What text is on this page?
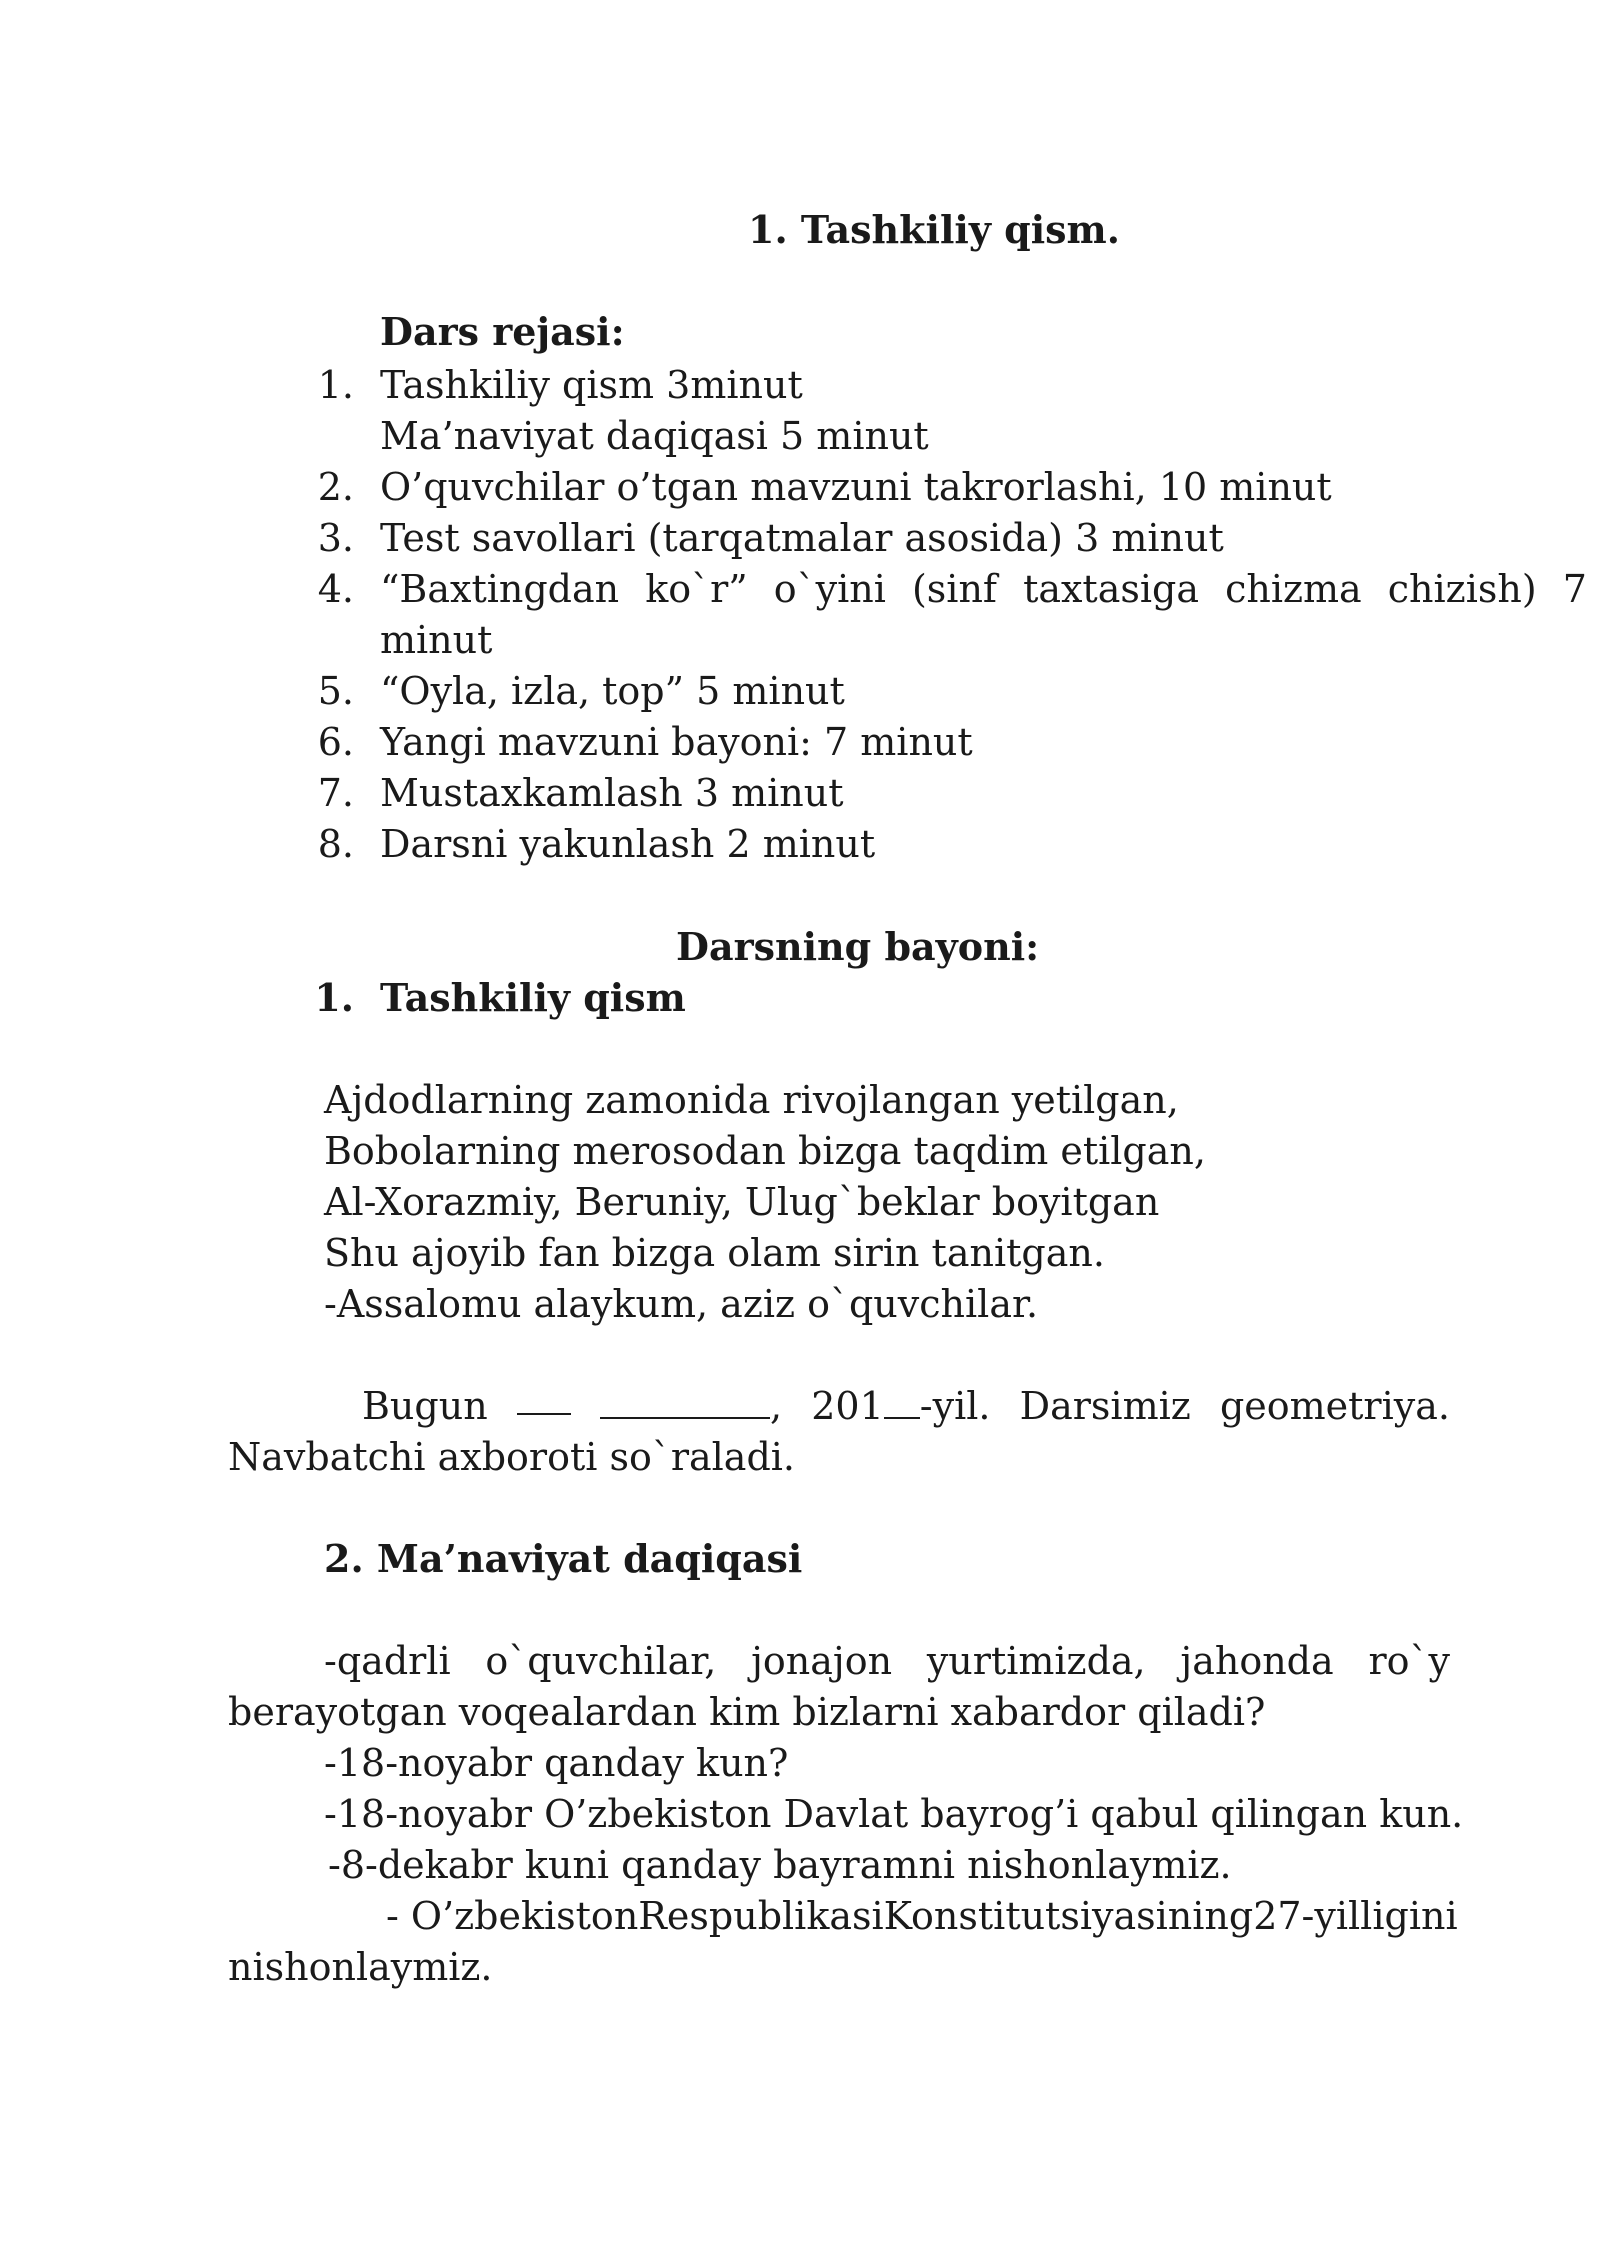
1. Tashkiliy qism.
Dars rejasi:
1. Tashkiliy qism 3minut
Ma’naviyat daqiqasi 5 minut
2. O’quvchilar o’tgan mavzuni takrorlashi, 10 minut
3. Test savollari (tarqatmalar asosida) 3 minut
4. “Baxtingdan ko`r” o`yini (sinf taxtasiga chizma chizish) 7
minut
5. “Oyla, izla, top” 5 minut
6. Yangi mavzuni bayoni: 7 minut
7. Mustaxkamlash 3 minut
8. Darsni yakunlash 2 minut
Darsning bayoni:
1. Tashkiliy qism
Ajdodlarning zamonida rivojlangan yetilgan,
Bobolarning merosodan bizga taqdim etilgan,
Al-Xorazmiy, Beruniy, Ulug`beklar boyitgan
Shu ajoyib fan bizga olam sirin tanitgan.
-Assalomu alaykum, aziz o`quvchilar.
Bugun	, 201 -yil. Darsimiz geometriya.
Navbatchi axboroti so`raladi.
2. Ma’naviyat daqiqasi
-qadrli o`quvchilar, jonajon yurtimizda, jahonda ro`y
berayotgan voqealardan kim bizlarni xabardor qiladi?
-18-noyabr qanday kun?
-18-noyabr O’zbekiston Davlat bayrog’i qabul qilingan kun.
-8-dekabr kuni qanday bayramni nishonlaymiz.
- O’zbekiston Respublikasi Konstitutsiyasining 27- yilligini
nishonlaymiz.
